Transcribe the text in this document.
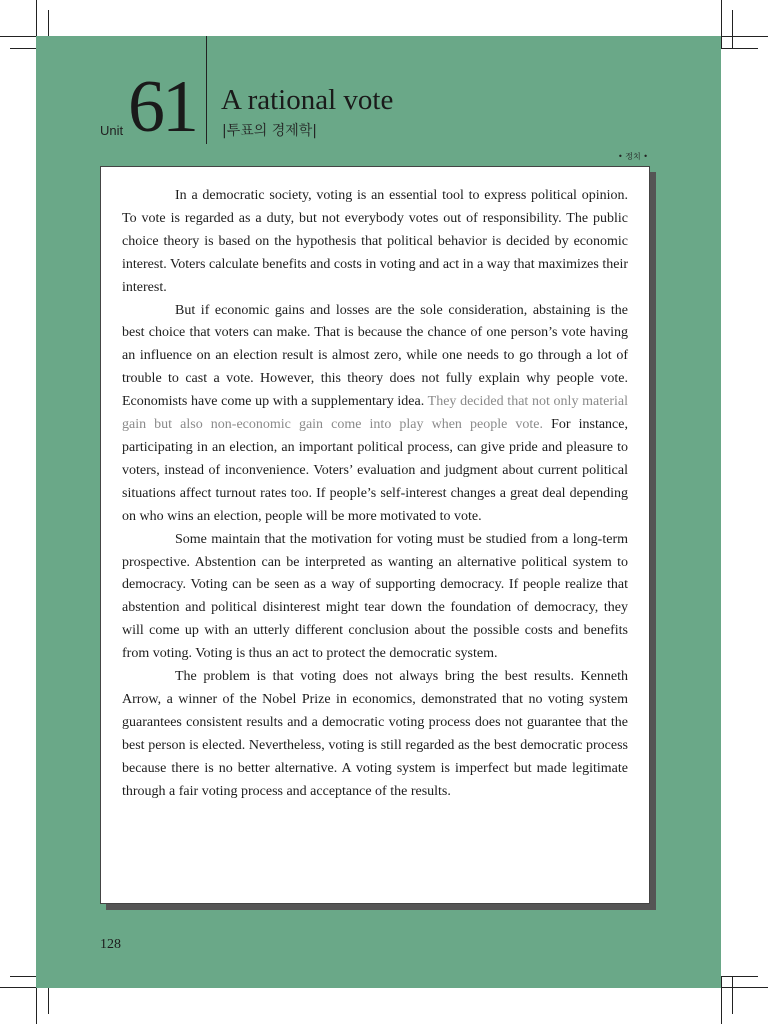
Unit 61 A rational vote
|투표의 경제학|
• 정치 •

In a democratic society, voting is an essential tool to express political opinion. To vote is regarded as a duty, but not everybody votes out of responsibility. The public choice theory is based on the hypothesis that political behavior is decided by economic interest. Voters calculate benefits and costs in voting and act in a way that maximizes their interest.

But if economic gains and losses are the sole consideration, abstaining is the best choice that voters can make. That is because the chance of one person’s vote having an influence on an election result is almost zero, while one needs to go through a lot of trouble to cast a vote. However, this theory does not fully explain why people vote. Economists have come up with a supplementary idea. They decided that not only material gain but also non-economic gain come into play when people vote. For instance, participating in an election, an important political process, can give pride and pleasure to voters, instead of inconvenience. Voters’ evaluation and judgment about current political situations affect turnout rates too. If people’s self-interest changes a great deal depending on who wins an election, people will be more motivated to vote.

Some maintain that the motivation for voting must be studied from a long-term prospective. Abstention can be interpreted as wanting an alternative political system to democracy. Voting can be seen as a way of supporting democracy. If people realize that abstention and political disinterest might tear down the foundation of democracy, they will come up with an utterly different conclusion about the possible costs and benefits from voting. Voting is thus an act to protect the democratic system.

The problem is that voting does not always bring the best results. Kenneth Arrow, a winner of the Nobel Prize in economics, demonstrated that no voting system guarantees consistent results and a democratic voting process does not guarantee that the best person is elected. Nevertheless, voting is still regarded as the best democratic process because there is no better alternative. A voting system is imperfect but made legitimate through a fair voting process and acceptance of the results.

128
